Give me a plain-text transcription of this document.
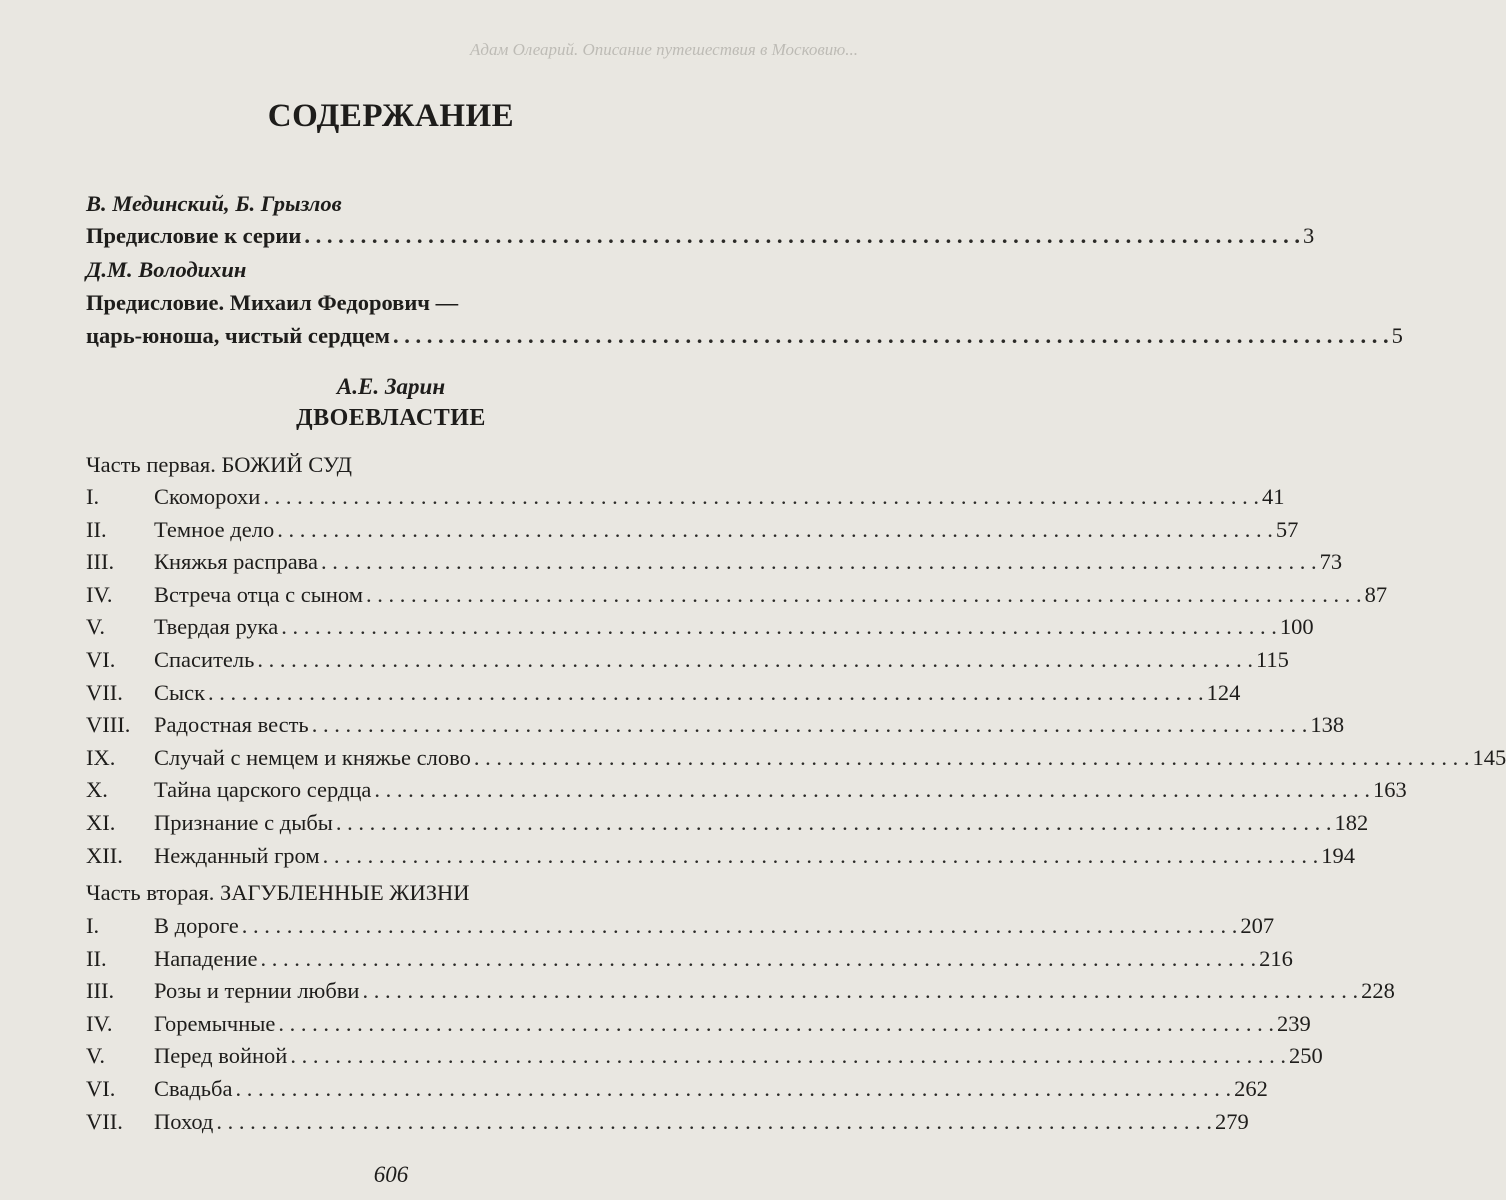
Адам Олеарий. Описание путешествия в Московию...
СОДЕРЖАНИЕ
В. Мединский, Б. Грызлов
Предисловие к серии . . .	3
Д.М. Володихин
Предисловие. Михаил Федорович —
царь-юноша, чистый сердцем . . .	5
А.Е. Зарин
ДВОЕВЛАСТИЕ
Часть первая. БОЖИЙ СУД
I.	Скоморохи . . .	41
II.	Темное дело . . .	57
III.	Княжья расправа . . .	73
IV.	Встреча отца с сыном . . .	87
V.	Твердая рука . . .	100
VI.	Спаситель . . .	115
VII.	Сыск . . .	124
VIII.	Радостная весть . . .	138
IX.	Случай с немцем и княжье слово . . .	145
X.	Тайна царского сердца . . .	163
XI.	Признание с дыбы . . .	182
XII.	Нежданный гром . . .	194
Часть вторая. ЗАГУБЛЕННЫЕ ЖИЗНИ
I.	В дороге . . .	207
II.	Нападение . . .	216
III.	Розы и тернии любви . . .	228
IV.	Горемычные . . .	239
V.	Перед войной . . .	250
VI.	Свадьба . . .	262
VII.	Поход . . .	279
606
